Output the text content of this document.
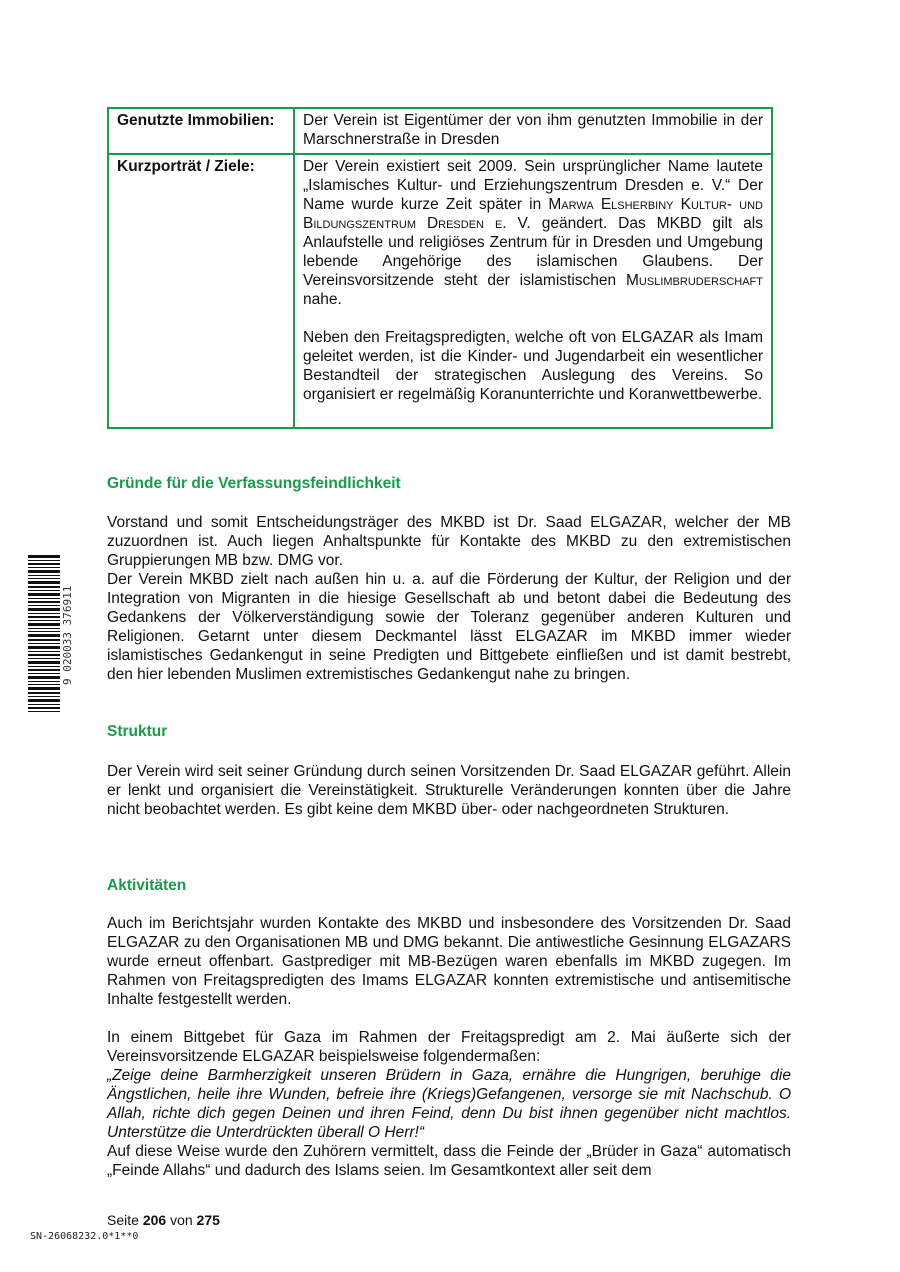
Genutzte Immobilien:	Der Verein ist Eigentümer der von ihm genutzten Immobilie in der Marschnerstraße in Dresden
Kurzporträt / Ziele:	Der Verein existiert seit 2009. Sein ursprünglicher Name lautete „Islamisches Kultur- und Erziehungszentrum Dresden e. V.“ Der Name wurde kurze Zeit später in Marwa Elsherbiny Kultur- und Bildungszentrum Dresden e. V. geändert. Das MKBD gilt als Anlaufstelle und religiöses Zentrum für in Dresden und Umgebung lebende Angehörige des islamischen Glaubens. Der Vereinsvorsitzende steht der islamistischen Muslimbruderschaft nahe.
Neben den Freitagspredigten, welche oft von ELGAZAR als Imam geleitet werden, ist die Kinder- und Jugendarbeit ein wesentlicher Bestandteil der strategischen Auslegung des Vereins. So organisiert er regelmäßig Koranunterrichte und Koranwettbewerbe.
9 020033 376911
Gründe für die Verfassungsfeindlichkeit
Vorstand und somit Entscheidungsträger des MKBD ist Dr. Saad ELGAZAR, welcher der MB zuzuordnen ist. Auch liegen Anhaltspunkte für Kontakte des MKBD zu den extremistischen Gruppierungen MB bzw. DMG vor.
Der Verein MKBD zielt nach außen hin u. a. auf die Förderung der Kultur, der Religion und der Integration von Migranten in die hiesige Gesellschaft ab und betont dabei die Bedeutung des Gedankens der Völkerverständigung sowie der Toleranz gegenüber anderen Kulturen und Religionen. Getarnt unter diesem Deckmantel lässt ELGAZAR im MKBD immer wieder islamistisches Gedankengut in seine Predigten und Bittgebete einfließen und ist damit bestrebt, den hier lebenden Muslimen extremistisches Gedankengut nahe zu bringen.
Struktur
Der Verein wird seit seiner Gründung durch seinen Vorsitzenden Dr. Saad ELGAZAR geführt. Allein er lenkt und organisiert die Vereinstätigkeit. Strukturelle Veränderungen konnten über die Jahre nicht beobachtet werden. Es gibt keine dem MKBD über- oder nachgeordneten Strukturen.
Aktivitäten
Auch im Berichtsjahr wurden Kontakte des MKBD und insbesondere des Vorsitzenden Dr. Saad ELGAZAR zu den Organisationen MB und DMG bekannt. Die antiwestliche Gesinnung ELGAZARS wurde erneut offenbart. Gastprediger mit MB-Bezügen waren ebenfalls im MKBD zugegen. Im Rahmen von Freitagspredigten des Imams ELGAZAR konnten extremistische und antisemitische Inhalte festgestellt werden.
In einem Bittgebet für Gaza im Rahmen der Freitagspredigt am 2. Mai äußerte sich der Vereinsvorsitzende ELGAZAR beispielsweise folgendermaßen:
„Zeige deine Barmherzigkeit unseren Brüdern in Gaza, ernähre die Hungrigen, beruhige die Ängstlichen, heile ihre Wunden, befreie ihre (Kriegs)Gefangenen, versorge sie mit Nachschub. O Allah, richte dich gegen Deinen und ihren Feind, denn Du bist ihnen gegenüber nicht machtlos. Unterstütze die Unterdrückten überall O Herr!“
Auf diese Weise wurde den Zuhörern vermittelt, dass die Feinde der „Brüder in Gaza“ automatisch „Feinde Allahs“ und dadurch des Islams seien. Im Gesamtkontext aller seit dem
Seite 206 von 275
SN-26068232.0*1**0
